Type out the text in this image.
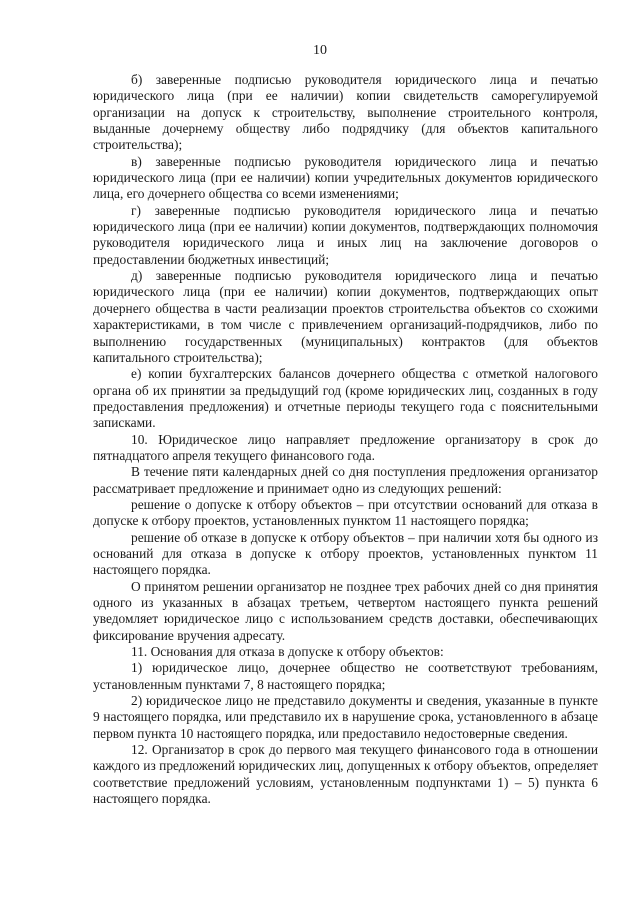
10

б) заверенные подписью руководителя юридического лица и печатью юридического лица (при ее наличии) копии свидетельств саморегулируемой организации на допуск к строительству, выполнение строительного контроля, выданные дочернему обществу либо подрядчику (для объектов капитального строительства);

в) заверенные подписью руководителя юридического лица и печатью юридического лица (при ее наличии) копии учредительных документов юридического лица, его дочернего общества со всеми изменениями;

г) заверенные подписью руководителя юридического лица и печатью юридического лица (при ее наличии) копии документов, подтверждающих полномочия руководителя юридического лица и иных лиц на заключение договоров о предоставлении бюджетных инвестиций;

д) заверенные подписью руководителя юридического лица и печатью юридического лица (при ее наличии) копии документов, подтверждающих опыт дочернего общества в части реализации проектов строительства объектов со схожими характеристиками, в том числе с привлечением организаций-подрядчиков, либо по выполнению государственных (муниципальных) контрактов (для объектов капитального строительства);

е) копии бухгалтерских балансов дочернего общества с отметкой налогового органа об их принятии за предыдущий год (кроме юридических лиц, созданных в году предоставления предложения) и отчетные периоды текущего года с пояснительными записками.

10. Юридическое лицо направляет предложение организатору в срок до пятнадцатого апреля текущего финансового года.

В течение пяти календарных дней со дня поступления предложения организатор рассматривает предложение и принимает одно из следующих решений:

решение о допуске к отбору объектов – при отсутствии оснований для отказа в допуске к отбору проектов, установленных пунктом 11 настоящего порядка;

решение об отказе в допуске к отбору объектов – при наличии хотя бы одного из оснований для отказа в допуске к отбору проектов, установленных пунктом 11 настоящего порядка.

О принятом решении организатор не позднее трех рабочих дней со дня принятия одного из указанных в абзацах третьем, четвертом настоящего пункта решений уведомляет юридическое лицо с использованием средств доставки, обеспечивающих фиксирование вручения адресату.

11. Основания для отказа в допуске к отбору объектов:

1) юридическое лицо, дочернее общество не соответствуют требованиям, установленным пунктами 7, 8 настоящего порядка;

2) юридическое лицо не представило документы и сведения, указанные в пункте 9 настоящего порядка, или представило их в нарушение срока, установленного в абзаце первом пункта 10 настоящего порядка, или предоставило недостоверные сведения.

12. Организатор в срок до первого мая текущего финансового года в отношении каждого из предложений юридических лиц, допущенных к отбору объектов, определяет соответствие предложений условиям, установленным подпунктами 1) – 5) пункта 6 настоящего порядка.
